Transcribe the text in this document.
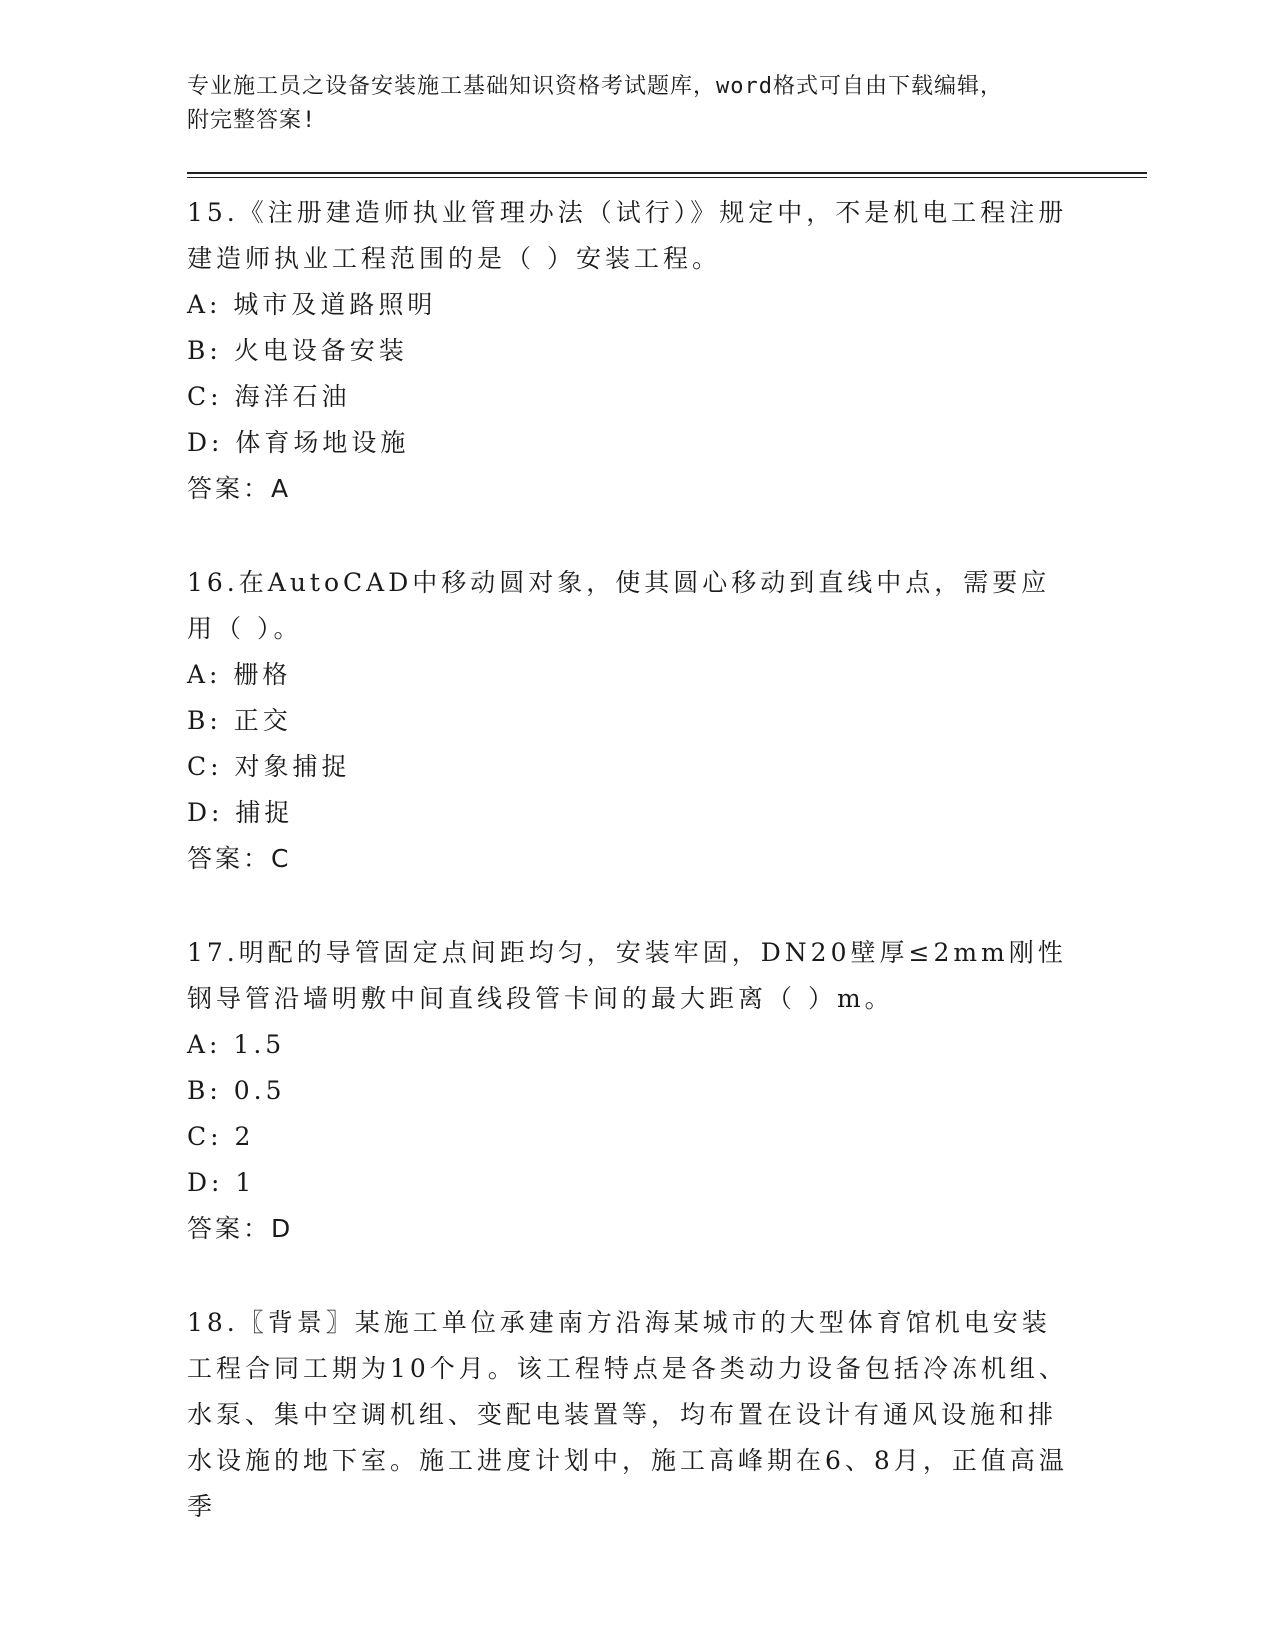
专业施工员之设备安装施工基础知识资格考试题库，word格式可自由下载编辑，
附完整答案!
15.《注册建造师执业管理办法（试行）》规定中，不是机电工程注册建造师执业工程范围的是（ ）安装工程。
A: 城市及道路照明
B: 火电设备安装
C: 海洋石油
D: 体育场地设施
答案：A
16.在AutoCAD中移动圆对象，使其圆心移动到直线中点，需要应用（ ）。
A: 栅格
B: 正交
C: 对象捕捉
D: 捕捉
答案：C
17.明配的导管固定点间距均匀，安装牢固，DN20壁厚≤2mm刚性钢导管沿墙明敷中间直线段管卡间的最大距离（ ）m。
A: 1.5
B: 0.5
C: 2
D: 1
答案：D
18.〖背景〗某施工单位承建南方沿海某城市的大型体育馆机电安装工程合同工期为10个月。该工程特点是各类动力设备包括冷冻机组、水泵、集中空调机组、变配电装置等，均布置在设计有通风设施和排水设施的地下室。施工进度计划中，施工高峰期在6、8月，正值高温季
